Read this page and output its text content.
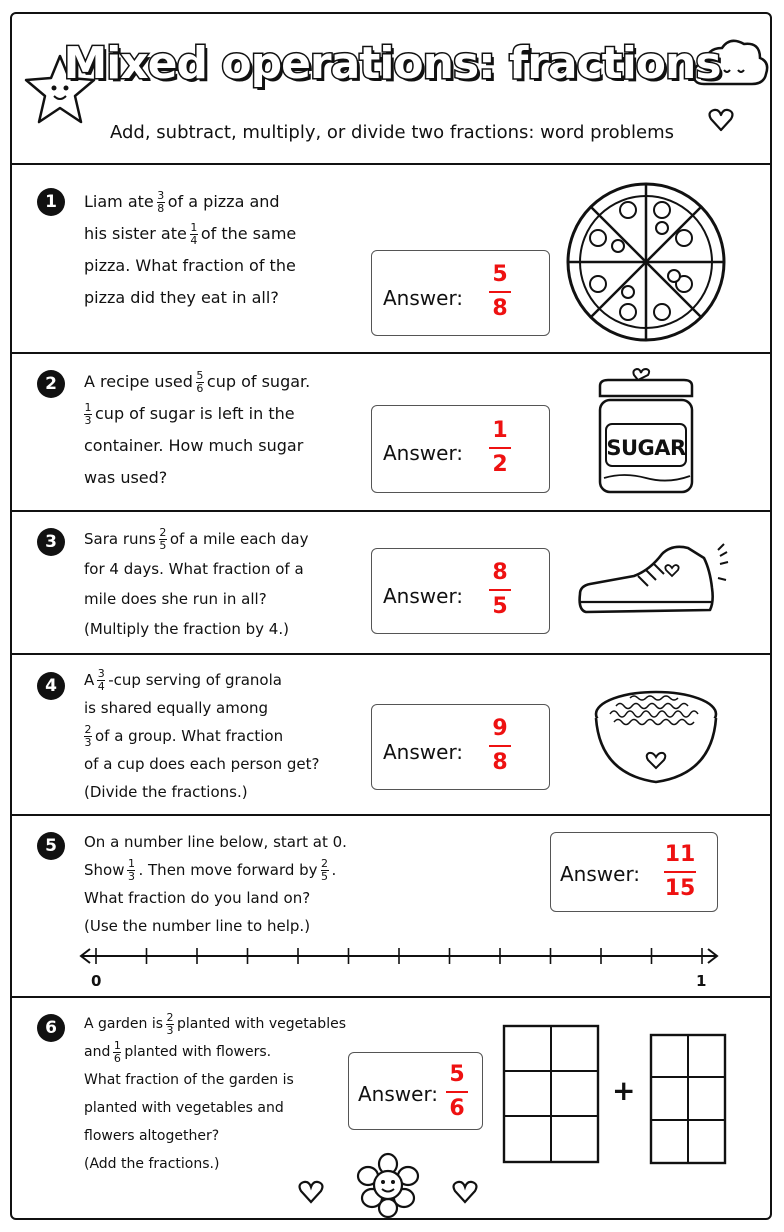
Mixed operations: fractions
Add, subtract, multiply, or divide two fractions: word problems
1	Liam ate $\frac{3}{8}$ of a pizza and
his sister ate $\frac{1}{4}$ of the same
pizza. What fraction of the
pizza did they eat in all?	Answer:
5
8
2	A recipe used $\frac{5}{6}$ cup of sugar.

$\frac{1}{3}$ cup of sugar is left in the
container. How much sugar
was used?
Answer:
1
2
SUGAR
3	Sara runs $\frac{2}{5}$ of a mile each day
for 4 days. What fraction of a
mile does she run in all?
(Multiply the fraction by 4.)
Answer:
8
5
4	A $\frac{3}{4} -cup$ serving of granola
is shared equally among

$\frac{2}{3}$ of a group. What fraction
of a cup does each person get?
(Divide the fractions.)
Answer:
9
8
5	On a number line below, start at 0.
Show $\frac{1}{3}$ . Then move forward by $\frac{2}{5}$ .
What fraction do you land on?
(Use the number line to help.)
Answer:
11
15
0	1
6	A garden is $\frac{2}{3}$ planted with vegetables
and $\frac{1}{6}$ planted with flowers.
What fraction of the garden is
planted with vegetables and
flowers altogether?
(Add the fractions.)
Answer:
5
6
+
